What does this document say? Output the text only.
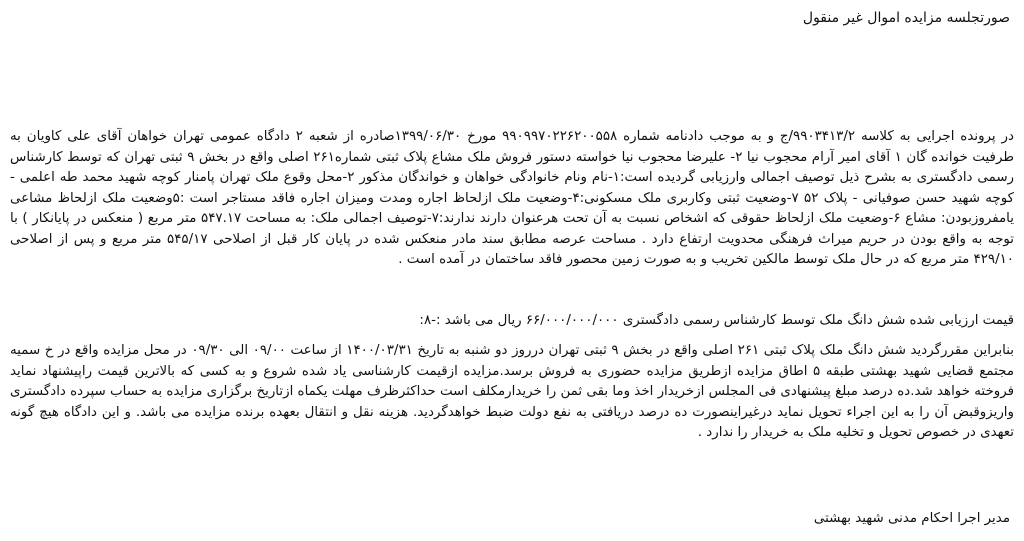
صورتجلسه مزایده اموال غیر منقول
در پرونده اجرایی به کلاسه ۹۹۰۳۴۱۳/۲/ج و به موجب دادنامه شماره ۹۹۰۹۹۷۰۲۲۶۲۰۰۵۵۸ مورخ ۱۳۹۹/۰۶/۳۰صادره از شعبه ۲ دادگاه عمومی تهران خواهان آقای علی کاویان به طرفیت خوانده گان ۱ آقای امیر آرام محجوب نیا ۲- علیرضا محجوب نیا خواسته دستور فروش ملک مشاع پلاک ثبتی شماره۲۶۱ اصلی واقع در بخش ۹ ثبتی تهران که توسط کارشناس رسمی دادگستری به بشرح ذیل توصیف اجمالی وارزیابی گردیده است:۱-نام ونام خانوادگی خواهان و خواندگان مذکور ۲-محل وقوع ملک تهران پامنار کوچه شهید محمد طه اعلمی - کوچه شهید حسن صوفیانی - پلاک ۵۲ ۷-وضعیت ثبتی وکاربری ملک مسکونی:۴-وضعیت ملک ازلحاظ اجاره ومدت ومیزان اجاره فاقد مستاجر است :۵وضعیت ملک ازلحاظ مشاعی یامفروزبودن: مشاع ۶-وضعیت ملک ازلحاظ حقوقی که اشخاص نسبت به آن تحت هرعنوان دارند ندارند:۷-توصیف اجمالی ملک: به مساحت ۵۴۷.۱۷ متر مربع ( منعکس در پایانکار ) با توجه به واقع بودن در حریم میراث فرهنگی محدویت ارتفاع دارد . مساحت عرصه مطابق سند مادر منعکس شده در پایان کار قبل از اصلاحی ۵۴۵/۱۷ متر مربع و پس از اصلاحی ۴۲۹/۱۰ متر مربع که در حال ملک توسط مالکین تخریب و به صورت زمین محصور فاقد ساختمان در آمده است .
قیمت ارزیابی شده شش دانگ ملک توسط کارشناس رسمی دادگستری ۶۶/۰۰۰/۰۰۰/۰۰۰ ریال می باشد :-۸:
بنابراین مقررگردید شش دانگ ملک پلاک ثبتی ۲۶۱ اصلی واقع در بخش ۹ ثبتی تهران درروز دو شنبه به تاریخ ۱۴۰۰/۰۳/۳۱ از ساعت ۰۹/۰۰ الی ۰۹/۳۰ در محل مزایده واقع در خ سمیه مجتمع قضایی شهید بهشتی طبقه ۵ اطاق مزایده ازطریق مزایده حضوری به فروش برسد.مزایده ازقیمت کارشناسی یاد شده شروع و به کسی که بالاترین قیمت راپیشنهاد نماید فروخته خواهد شد.ده درصد مبلغ پیشنهادی فی المجلس ازخریدار اخذ وما بقی ثمن را خریدارمکلف است حداکثرظرف مهلت یکماه ازتاریخ برگزاری مزایده به حساب سپرده دادگستری واریزوقبض آن را به این اجراء تحویل نماید درغیراینصورت ده درصد دریافتی به نفع دولت ضبط خواهدگردید. هزینه نقل و انتقال بعهده برنده مزایده می باشد. و این دادگاه هیچ گونه تعهدی در خصوص تحویل و تخلیه ملک به خریدار را ندارد .
مدیر اجرا احکام مدنی شهید بهشتی
